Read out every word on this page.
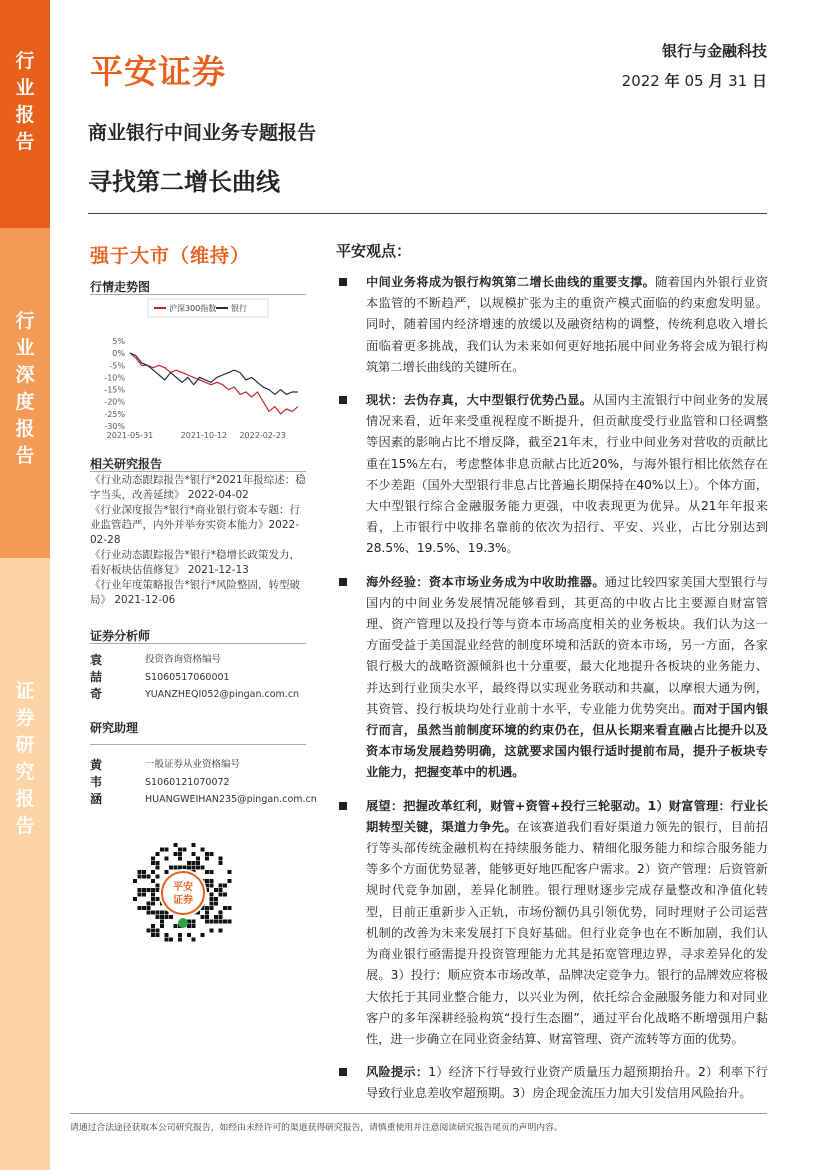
行
业
报
告
行
业
深
度
报
告
证
券
研
究
报
告
平安证券
银行与金融科技
2022 年 05 月 31 日
商业银行中间业务专题报告
寻找第二增长曲线
强于大市（维持）
行情走势图
沪深300指数 银行
5%
0%
-5%
-10%
-15%
-20%
-25%
-30%
2021-05-31	2021-10-12 2022-02-23
相关研究报告
《行业动态跟踪报告*银行*2021年报综述：稳字当头，改善延续》 2022-04-02
《行业深度报告*银行*商业银行资本专题：行业监管趋严，内外并举夯实资本能力》2022-02-28
《行业动态跟踪报告*银行*稳增长政策发力，看好板块估值修复》 2021-12-13
《行业年度策略报告*银行*风险整固，转型破局》 2021-12-06
证券分析师
袁喆奇
投资咨询资格编号
S1060517060001
YUANZHEQI052@pingan.com.cn
研究助理
黄韦涵
一般证券从业资格编号
S1060121070072
HUANGWEIHAN235@pingan.com.cn
平安
证券
平安观点：
中间业务将成为银行构筑第二增长曲线的重要支撑。随着国内外银行业资本监管的不断趋严，以规模扩张为主的重资产模式面临的约束愈发明显。同时，随着国内经济增速的放缓以及融资结构的调整，传统利息收入增长面临着更多挑战，我们认为未来如何更好地拓展中间业务将会成为银行构筑第二增长曲线的关键所在。
现状：去伪存真，大中型银行优势凸显。从国内主流银行中间业务的发展情况来看，近年来受重视程度不断提升，但贡献度受行业监管和口径调整等因素的影响占比不增反降，截至21年末，行业中间业务对营收的贡献比重在15%左右，考虑整体非息贡献占比近20%，与海外银行相比依然存在不少差距（国外大型银行非息占比普遍长期保持在40%以上）。个体方面，大中型银行综合金融服务能力更强，中收表现更为优异。从21年年报来看，上市银行中收排名靠前的依次为招行、平安、兴业，占比分别达到28.5%、19.5%、19.3%。
海外经验：资本市场业务成为中收助推器。通过比较四家美国大型银行与国内的中间业务发展情况能够看到，其更高的中收占比主要源自财富管理、资产管理以及投行等与资本市场高度相关的业务板块。我们认为这一方面受益于美国混业经营的制度环境和活跃的资本市场，另一方面，各家银行极大的战略资源倾斜也十分重要，最大化地提升各板块的业务能力、并达到行业顶尖水平，最终得以实现业务联动和共赢，以摩根大通为例，其资管、投行板块均处行业前十水平，专业能力优势突出。而对于国内银行而言，虽然当前制度环境的约束仍在，但从长期来看直融占比提升以及资本市场发展趋势明确，这就要求国内银行适时提前布局，提升子板块专业能力，把握变革中的机遇。
展望：把握改革红利，财管+资管+投行三轮驱动。1）财富管理：行业长期转型关键，渠道力争先。在该赛道我们看好渠道力领先的银行，目前招行等头部传统金融机构在持续服务能力、精细化服务能力和综合服务能力等多个方面优势显著，能够更好地匹配客户需求。2）资产管理：后资管新规时代竞争加剧，差异化制胜。银行理财逐步完成存量整改和净值化转型，目前正重新步入正轨，市场份额仍具引领优势，同时理财子公司运营机制的改善为未来发展打下良好基础。但行业竞争也在不断加剧，我们认为商业银行亟需提升投资管理能力尤其是拓宽管理边界，寻求差异化的发展。3）投行：顺应资本市场改革，品牌决定竞争力。银行的品牌效应将极大依托于其同业整合能力，以兴业为例，依托综合金融服务能力和对同业客户的多年深耕经验构筑“投行生态圈”，通过平台化战略不断增强用户黏性，进一步确立在同业资金结算、财富管理、资产流转等方面的优势。
风险提示：1）经济下行导致行业资产质量压力超预期抬升。2）利率下行导致行业息差收窄超预期。3）房企现金流压力加大引发信用风险抬升。
请通过合法途径获取本公司研究报告，如经由未经许可的渠道获得研究报告，请慎重使用并注意阅读研究报告尾页的声明内容。
